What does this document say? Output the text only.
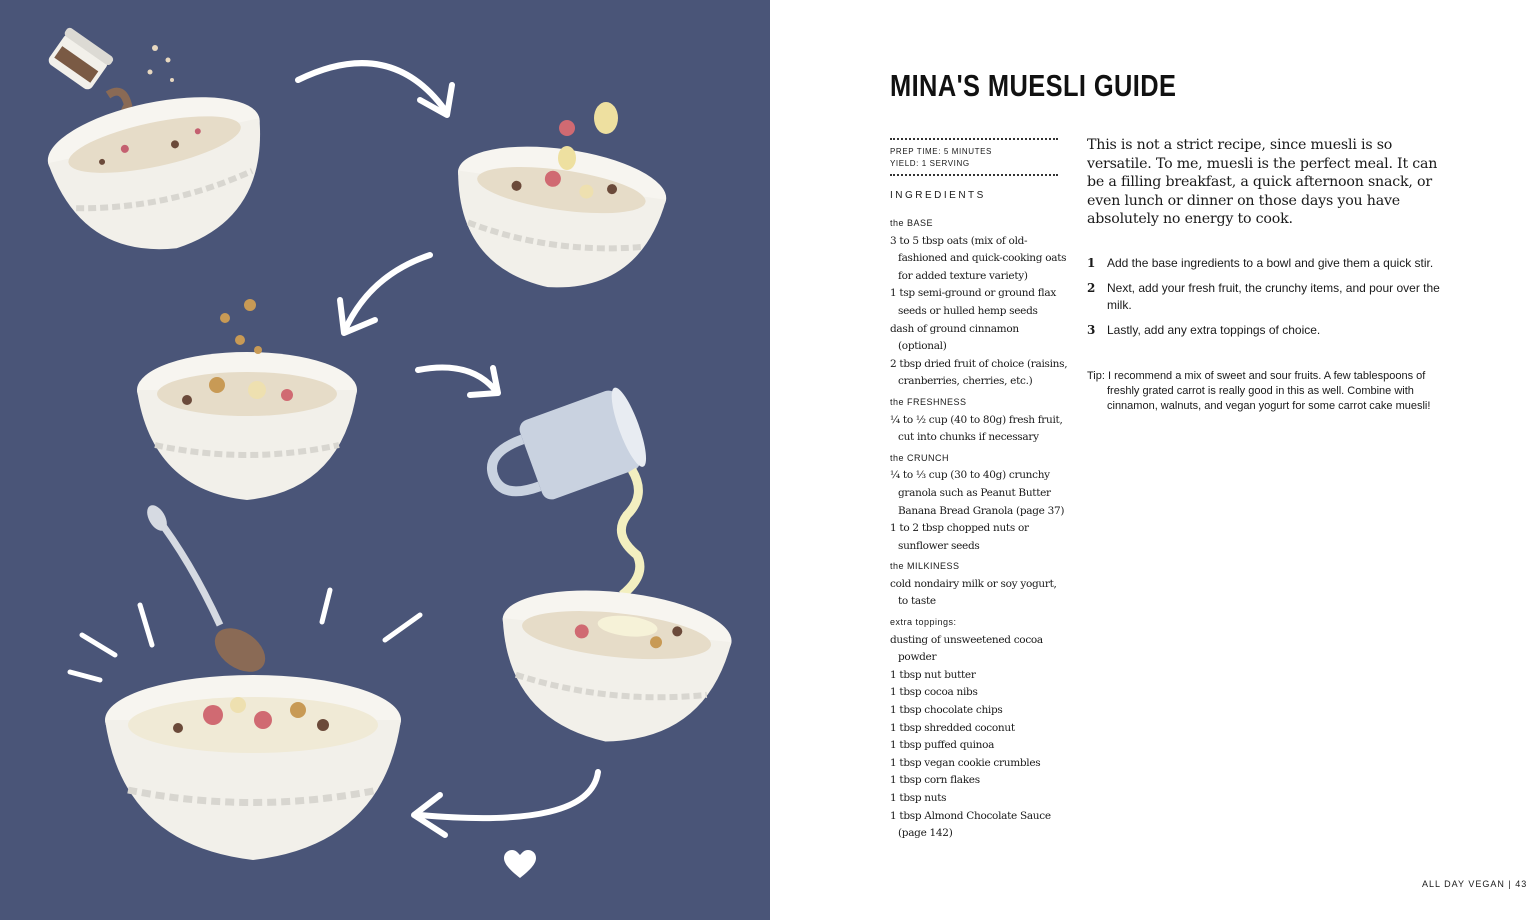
MINA'S MUESLI GUIDE
PREP TIME: 5 MINUTES
YIELD: 1 SERVING
INGREDIENTS
the BASE
3 to 5 tbsp oats (mix of old-fashioned and quick-cooking oats for added texture variety)
1 tsp semi-ground or ground flax seeds or hulled hemp seeds
dash of ground cinnamon (optional)
2 tbsp dried fruit of choice (raisins, cranberries, cherries, etc.)
the FRESHNESS
¼ to ½ cup (40 to 80g) fresh fruit, cut into chunks if necessary
the CRUNCH
¼ to ⅓ cup (30 to 40g) crunchy granola such as Peanut Butter Banana Bread Granola (page 37)
1 to 2 tbsp chopped nuts or sunflower seeds
the MILKINESS
cold nondairy milk or soy yogurt, to taste
extra toppings:
dusting of unsweetened cocoa powder
1 tbsp nut butter
1 tbsp cocoa nibs
1 tbsp chocolate chips
1 tbsp shredded coconut
1 tbsp puffed quinoa
1 tbsp vegan cookie crumbles
1 tbsp corn flakes
1 tbsp nuts
1 tbsp Almond Chocolate Sauce (page 142)
This is not a strict recipe, since muesli is so versatile. To me, muesli is the perfect meal. It can be a filling breakfast, a quick afternoon snack, or even lunch or dinner on those days you have absolutely no energy to cook.
1 Add the base ingredients to a bowl and give them a quick stir.
2 Next, add your fresh fruit, the crunchy items, and pour over the milk.
3 Lastly, add any extra toppings of choice.
Tip: I recommend a mix of sweet and sour fruits. A few tablespoons of freshly grated carrot is really good in this as well. Combine with cinnamon, walnuts, and vegan yogurt for some carrot cake muesli!
ALL DAY VEGAN | 43
